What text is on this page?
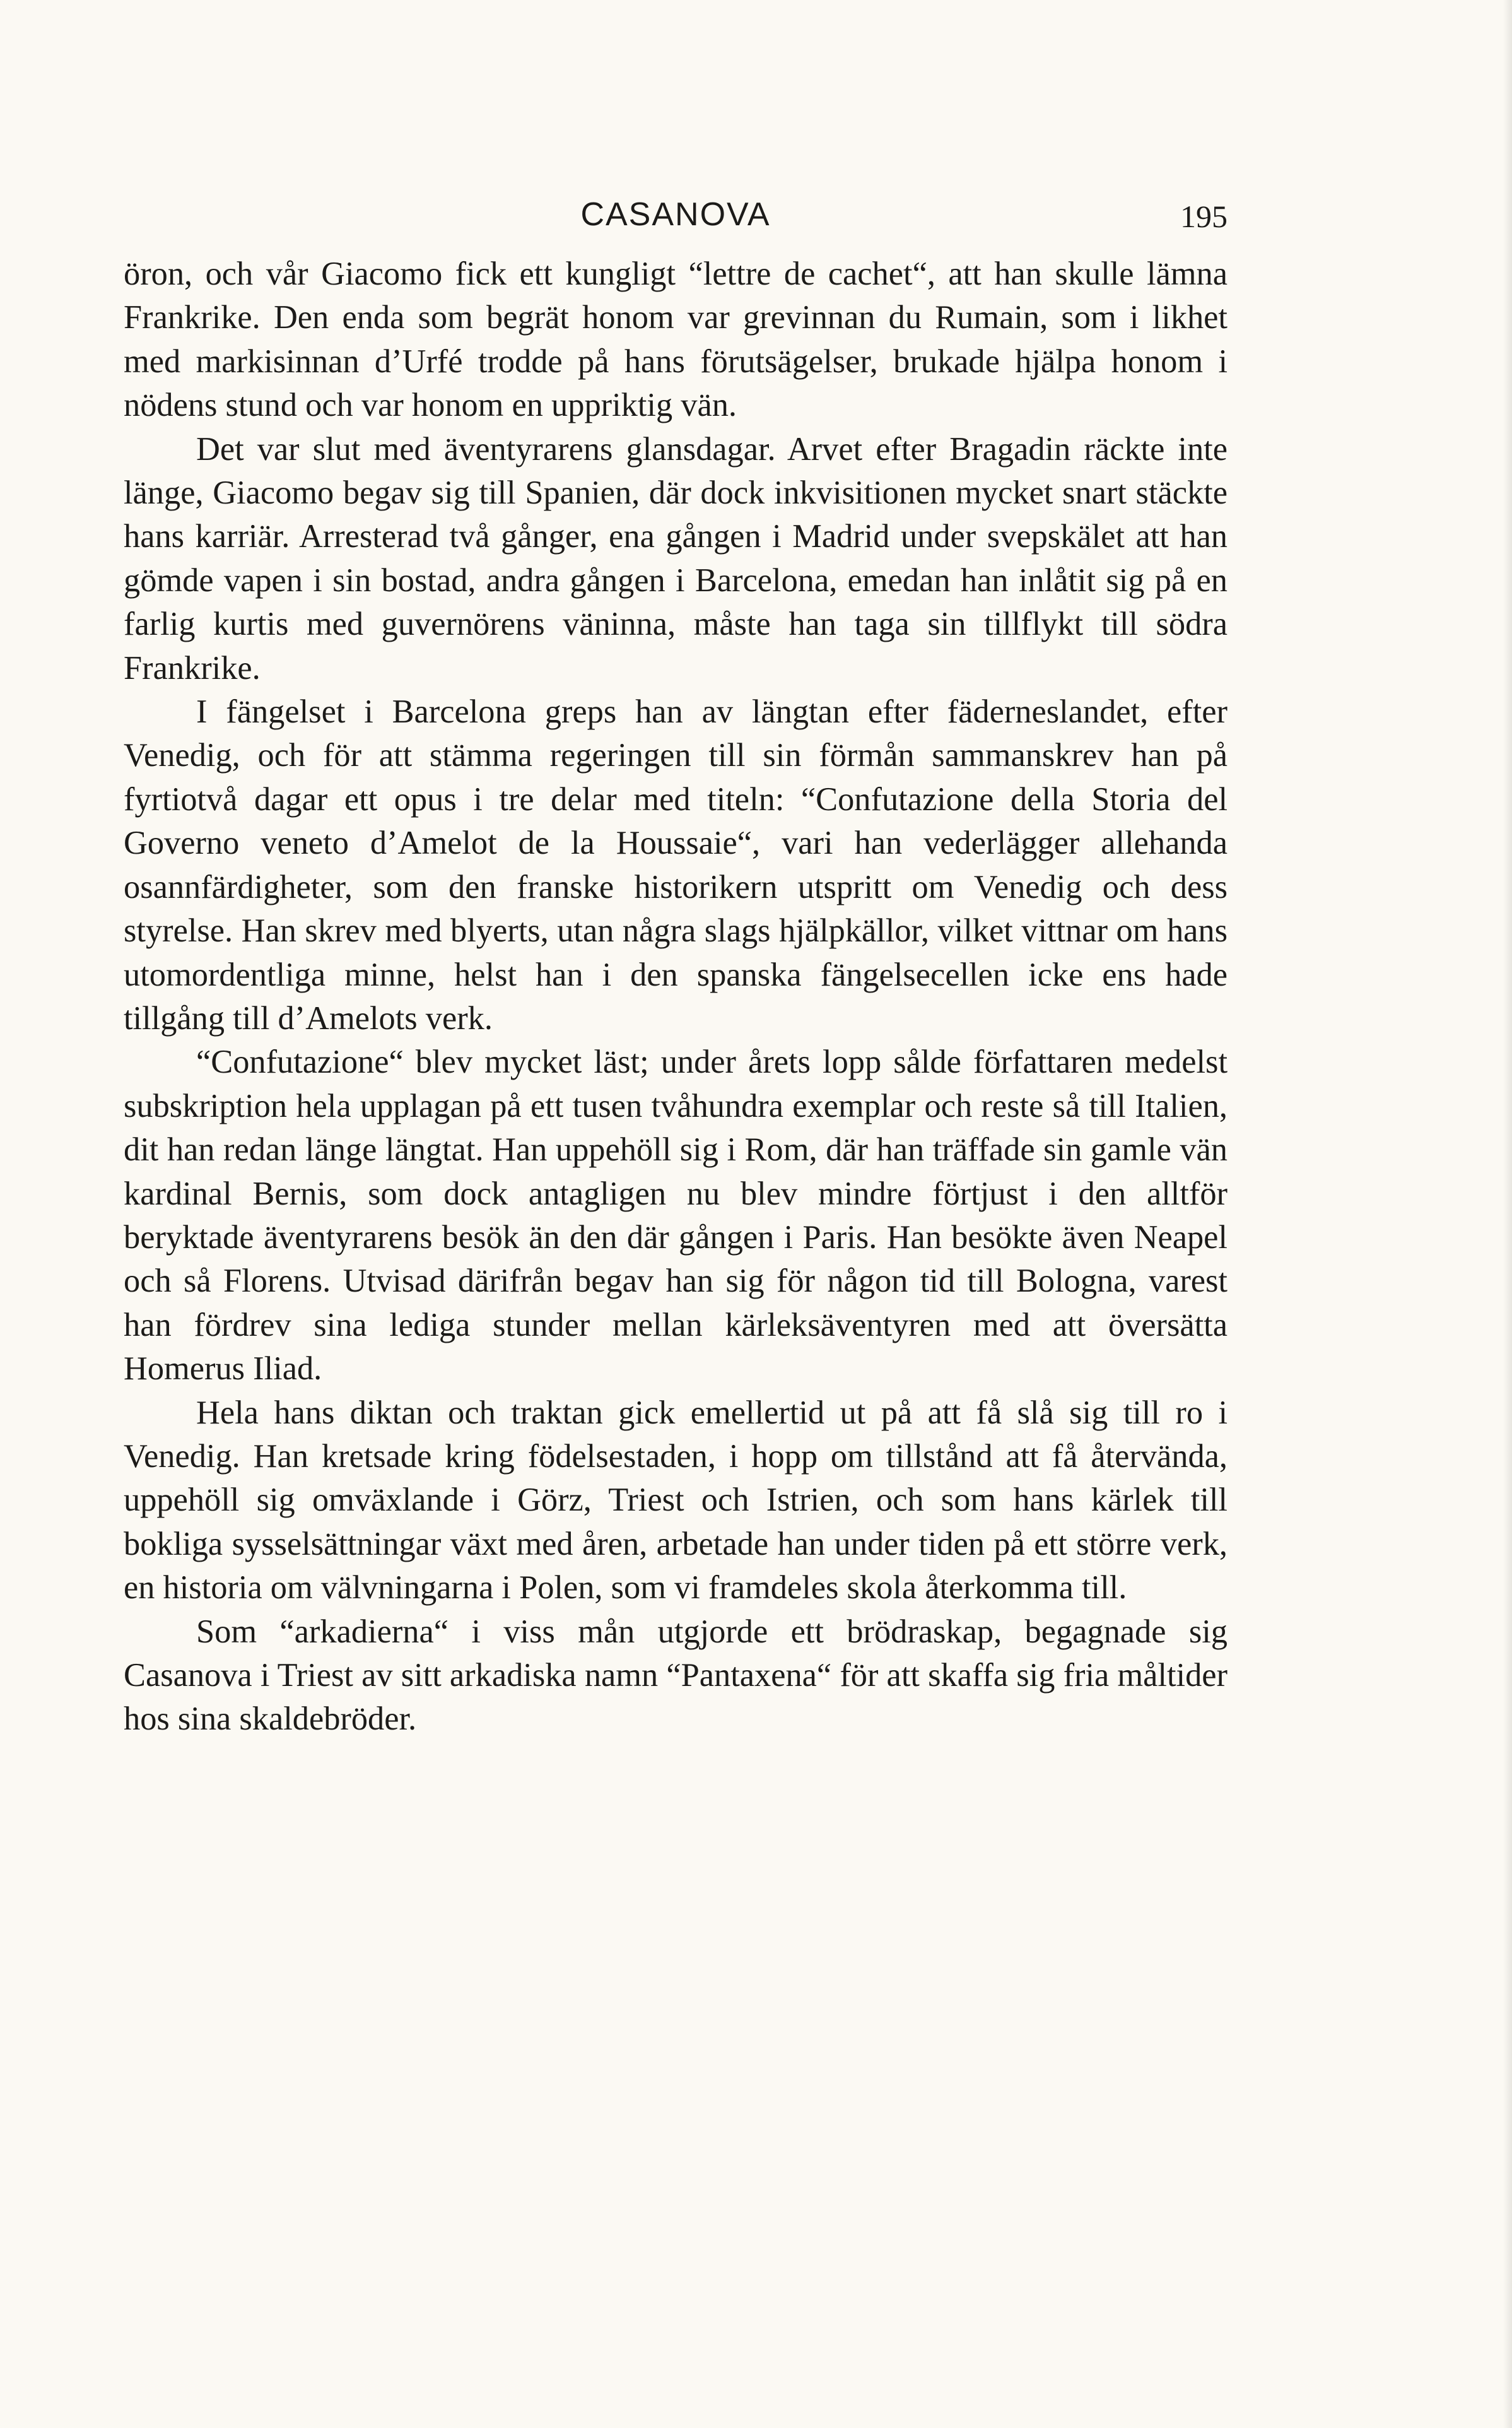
CASANOVA	195

öron, och vår Giacomo fick ett kungligt “lettre de cachet“, att han skulle lämna Frankrike. Den enda som begrät honom var grevinnan du Rumain, som i likhet med markisinnan d’Urfé trodde på hans förutsägelser, brukade hjälpa honom i nödens stund och var honom en uppriktig vän.

Det var slut med äventyrarens glansdagar. Arvet efter Bragadin räckte inte länge, Giacomo begav sig till Spanien, där dock inkvisitionen mycket snart stäckte hans karriär. Arresterad två gånger, ena gången i Madrid under svepskälet att han gömde vapen i sin bostad, andra gången i Barcelona, emedan han inlåtit sig på en farlig kurtis med guvernörens väninna, måste han taga sin tillflykt till södra Frankrike.

I fängelset i Barcelona greps han av längtan efter fäderneslandet, efter Venedig, och för att stämma regeringen till sin förmån sammanskrev han på fyrtiotvå dagar ett opus i tre delar med titeln: “Confutazione della Storia del Governo veneto d’Amelot de la Houssaie“, vari han vederlägger allehanda osannfärdigheter, som den franske historikern utspritt om Venedig och dess styrelse. Han skrev med blyerts, utan några slags hjälpkällor, vilket vittnar om hans utomordentliga minne, helst han i den spanska fängelsecellen icke ens hade tillgång till d’Amelots verk.

“Confutazione“ blev mycket läst; under årets lopp sålde författaren medelst subskription hela upplagan på ett tusen tvåhundra exemplar och reste så till Italien, dit han redan länge längtat. Han uppehöll sig i Rom, där han träffade sin gamle vän kardinal Bernis, som dock antagligen nu blev mindre förtjust i den alltför beryktade äventyrarens besök än den där gången i Paris. Han besökte även Neapel och så Florens. Utvisad därifrån begav han sig för någon tid till Bologna, varest han fördrev sina lediga stunder mellan kärleksäventyren med att översätta Homerus Iliad.

Hela hans diktan och traktan gick emellertid ut på att få slå sig till ro i Venedig. Han kretsade kring födelsestaden, i hopp om tillstånd att få återvända, uppehöll sig omväxlande i Görz, Triest och Istrien, och som hans kärlek till bokliga sysselsättningar växt med åren, arbetade han under tiden på ett större verk, en historia om välvningarna i Polen, som vi framdeles skola återkomma till.

Som “arkadierna“ i viss mån utgjorde ett brödraskap, begagnade sig Casanova i Triest av sitt arkadiska namn “Pantaxena“ för att skaffa sig fria måltider hos sina skaldebröder.
